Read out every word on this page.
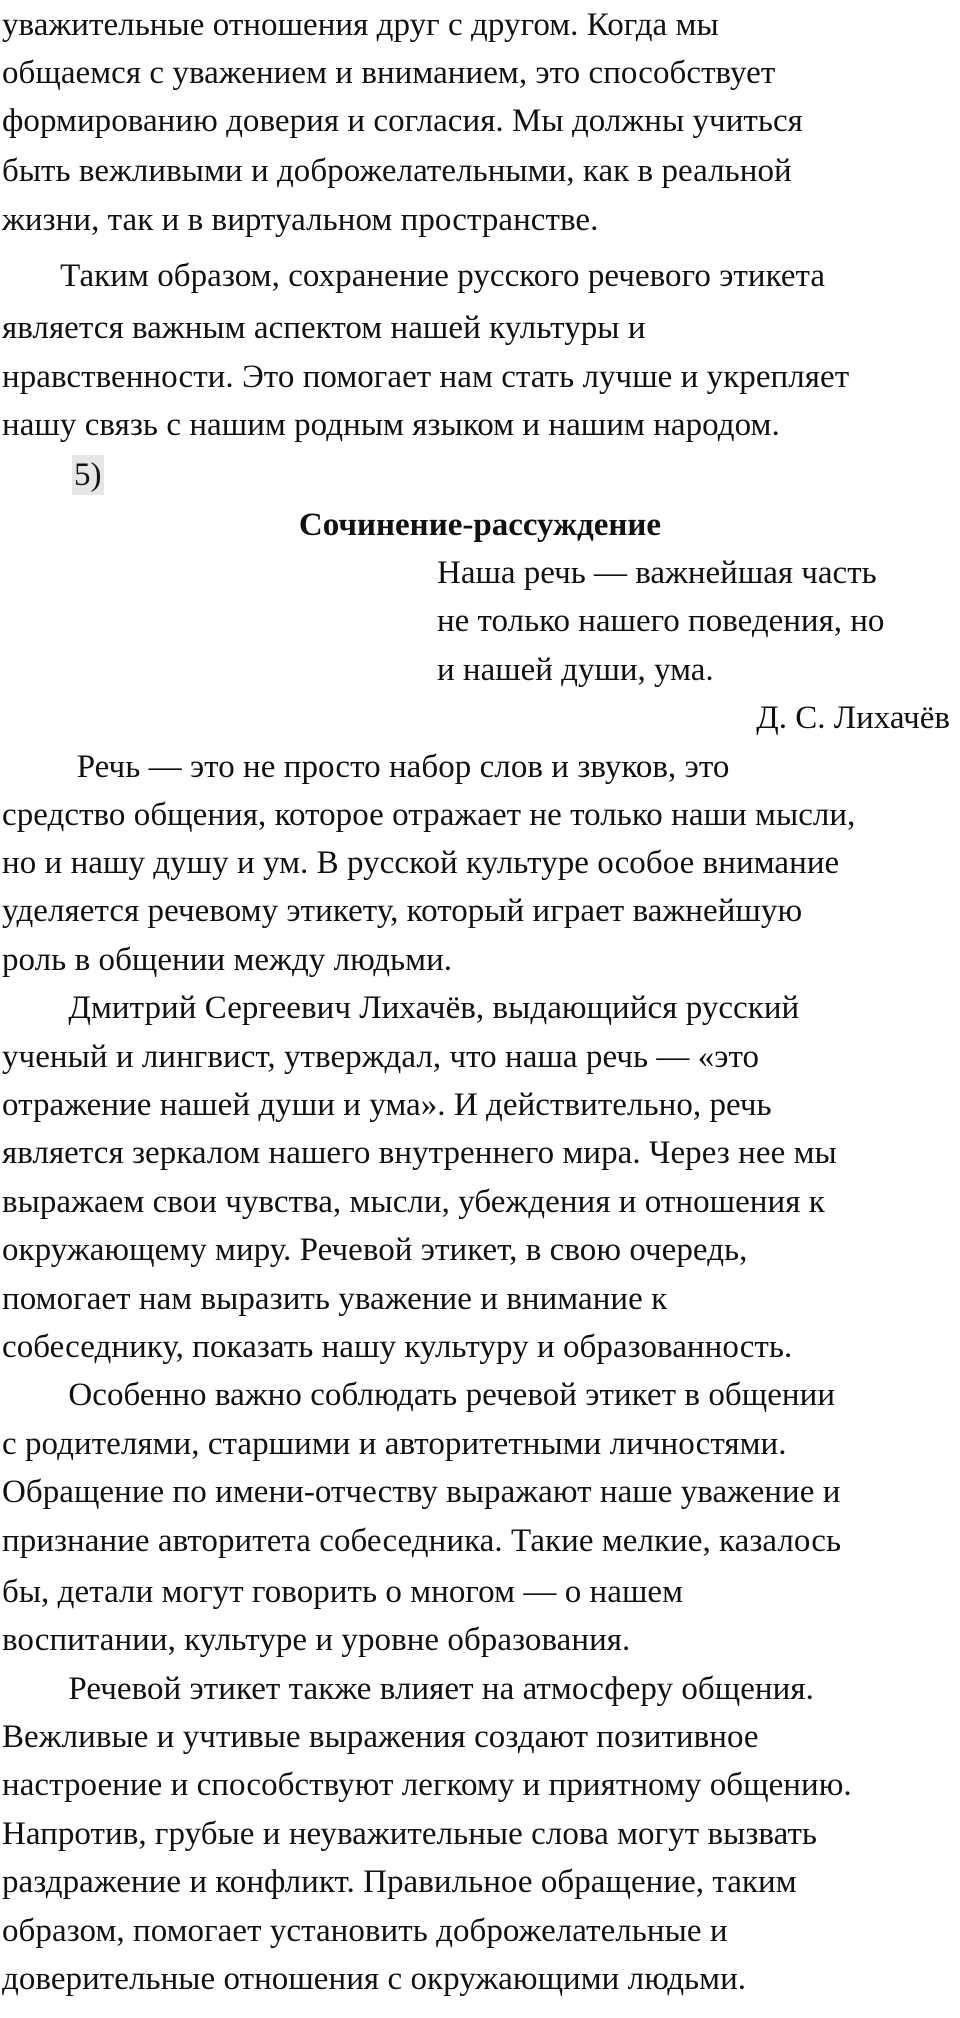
уважительные отношения друг с другом. Когда мы
общаемся с уважением и вниманием, это способствует
формированию доверия и согласия. Мы должны учиться
быть вежливыми и доброжелательными, как в реальной
жизни, так и в виртуальном пространстве.
Таким образом, сохранение русского речевого этикета
является важным аспектом нашей культуры и
нравственности. Это помогает нам стать лучше и укрепляет
нашу связь с нашим родным языком и нашим народом.
5)
Сочинение-рассуждение
Наша речь — важнейшая часть
не только нашего поведения, но
и нашей души, ума.
Д. С. Лихачёв
Речь — это не просто набор слов и звуков, это
средство общения, которое отражает не только наши мысли,
но и нашу душу и ум. В русской культуре особое внимание
уделяется речевому этикету, который играет важнейшую
роль в общении между людьми.
Дмитрий Сергеевич Лихачёв, выдающийся русский
ученый и лингвист, утверждал, что наша речь — «это
отражение нашей души и ума». И действительно, речь
является зеркалом нашего внутреннего мира. Через нее мы
выражаем свои чувства, мысли, убеждения и отношения к
окружающему миру. Речевой этикет, в свою очередь,
помогает нам выразить уважение и внимание к
собеседнику, показать нашу культуру и образованность.
Особенно важно соблюдать речевой этикет в общении
с родителями, старшими и авторитетными личностями.
Обращение по имени-отчеству выражают наше уважение и
признание авторитета собеседника. Такие мелкие, казалось
бы, детали могут говорить о многом — о нашем
воспитании, культуре и уровне образования.
Речевой этикет также влияет на атмосферу общения.
Вежливые и учтивые выражения создают позитивное
настроение и способствуют легкому и приятному общению.
Напротив, грубые и неуважительные слова могут вызвать
раздражение и конфликт. Правильное обращение, таким
образом, помогает установить доброжелательные и
доверительные отношения с окружающими людьми.
